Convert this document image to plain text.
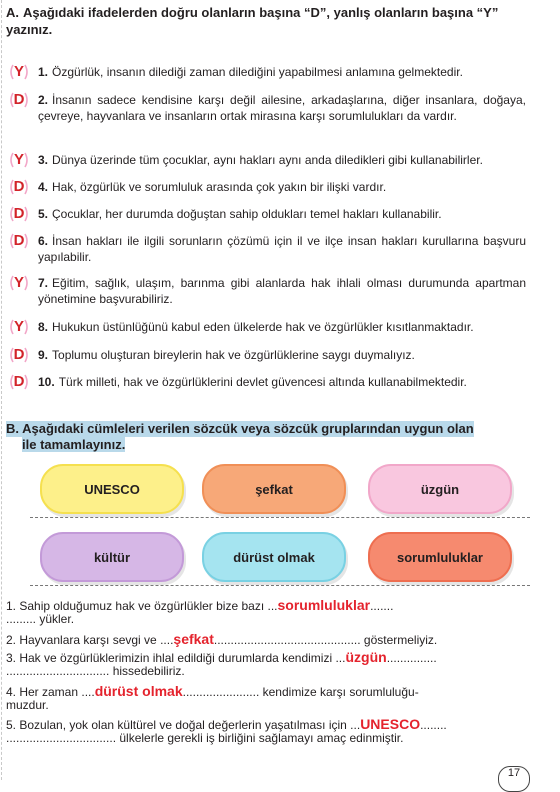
A. Aşağıdaki ifadelerden doğru olanların başına “D”, yanlış olanların başına “Y” yazınız.
Y	1. Özgürlük, insanın dilediği zaman dilediğini yapabilmesi anlamına gelmektedir.
D	2. İnsanın sadece kendisine karşı değil ailesine, arkadaşlarına, diğer insanlara, doğaya, çevreye, hayvanlara ve insanların ortak mirasına karşı sorumlulukları da vardır.
Y	3. Dünya üzerinde tüm çocuklar, aynı hakları aynı anda diledikleri gibi kullanabilirler.
D	4. Hak, özgürlük ve sorumluluk arasında çok yakın bir ilişki vardır.
D	5. Çocuklar, her durumda doğuştan sahip oldukları temel hakları kullanabilir.
D	6. İnsan hakları ile ilgili sorunların çözümü için il ve ilçe insan hakları kurullarına başvuru yapılabilir.
Y	7. Eğitim, sağlık, ulaşım, barınma gibi alanlarda hak ihlali olması durumunda apartman yönetimine başvurabiliriz.
Y	8. Hukukun üstünlüğünü kabul eden ülkelerde hak ve özgürlükler kısıtlanmaktadır.
D	9. Toplumu oluşturan bireylerin hak ve özgürlüklerine saygı duymalıyız.
D	10. Türk milleti, hak ve özgürlüklerini devlet güvencesi altında kullanabilmektedir.
B. Aşağıdaki cümleleri verilen sözcük veya sözcük gruplarından uygun olan
ile tamamlayınız.
UNESCO	şefkat	üzgün
kültür	dürüst olmak	sorumluluklar
1. Sahip olduğumuz hak ve özgürlükler bize bazı ...sorumluluklar.......
......... yükler.
2. Hayvanlara karşı sevgi ve ....şefkat............................................ göstermeliyiz.
3. Hak ve özgürlüklerimizin ihlal edildiği durumlarda kendimizi ...üzgün...............
............................... hissedebiliriz.
4. Her zaman ....dürüst olmak....................... kendimize karşı sorumluluğu-
muzdur.
5. Bozulan, yok olan kültürel ve doğal değerlerin yaşatılması için ...UNESCO........
................................. ülkelerle gerekli iş birliğini sağlamayı amaç edinmiştir.
17
